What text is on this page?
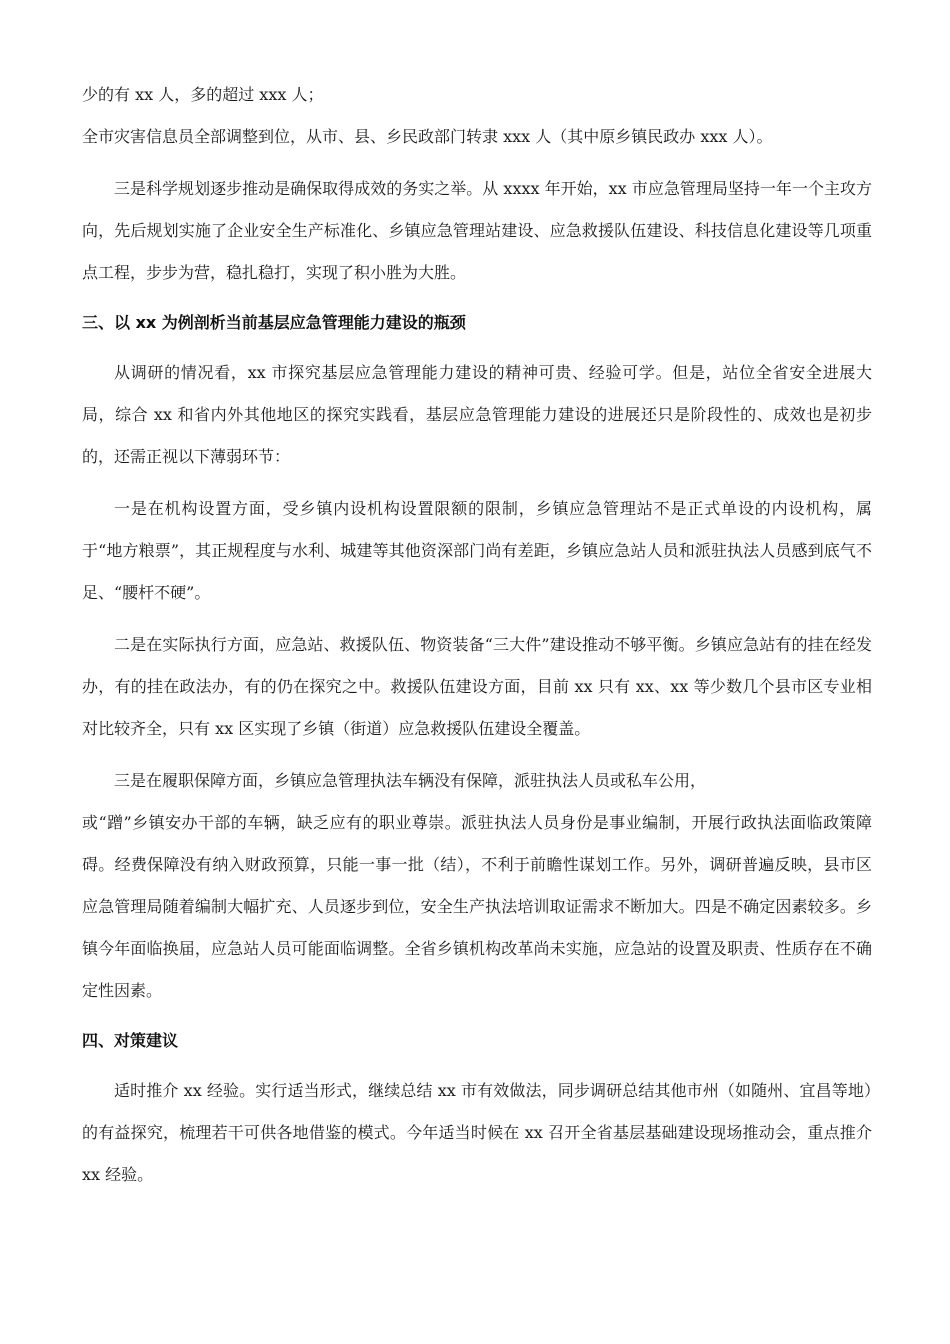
少的有 xx 人，多的超过 xxx 人；
全市灾害信息员全部调整到位，从市、县、乡民政部门转隶 xxx 人（其中原乡镇民政办 xxx 人）。

三是科学规划逐步推动是确保取得成效的务实之举。从 xxxx 年开始，xx 市应急管理局坚持一年一个主攻方向，先后规划实施了企业安全生产标准化、乡镇应急管理站建设、应急救援队伍建设、科技信息化建设等几项重点工程，步步为营，稳扎稳打，实现了积小胜为大胜。

三、以 xx 为例剖析当前基层应急管理能力建设的瓶颈

从调研的情况看，xx 市探究基层应急管理能力建设的精神可贵、经验可学。但是，站位全省安全进展大局，综合 xx 和省内外其他地区的探究实践看，基层应急管理能力建设的进展还只是阶段性的、成效也是初步的，还需正视以下薄弱环节：

一是在机构设置方面，受乡镇内设机构设置限额的限制，乡镇应急管理站不是正式单设的内设机构，属于“地方粮票”，其正规程度与水利、城建等其他资深部门尚有差距，乡镇应急站人员和派驻执法人员感到底气不足、“腰杆不硬”。

二是在实际执行方面，应急站、救援队伍、物资装备“三大件”建设推动不够平衡。乡镇应急站有的挂在经发办，有的挂在政法办，有的仍在探究之中。救援队伍建设方面，目前 xx 只有 xx、xx 等少数几个县市区专业相对比较齐全，只有 xx 区实现了乡镇（街道）应急救援队伍建设全覆盖。

三是在履职保障方面，乡镇应急管理执法车辆没有保障，派驻执法人员或私车公用，

或“蹭”乡镇安办干部的车辆，缺乏应有的职业尊崇。派驻执法人员身份是事业编制，开展行政执法面临政策障碍。经费保障没有纳入财政预算，只能一事一批（结），不利于前瞻性谋划工作。另外，调研普遍反映，县市区应急管理局随着编制大幅扩充、人员逐步到位，安全生产执法培训取证需求不断加大。四是不确定因素较多。乡镇今年面临换届，应急站人员可能面临调整。全省乡镇机构改革尚未实施，应急站的设置及职责、性质存在不确定性因素。

四、对策建议

适时推介 xx 经验。实行适当形式，继续总结 xx 市有效做法，同步调研总结其他市州（如随州、宜昌等地）的有益探究，梳理若干可供各地借鉴的模式。今年适当时候在 xx 召开全省基层基础建设现场推动会，重点推介 xx 经验。
